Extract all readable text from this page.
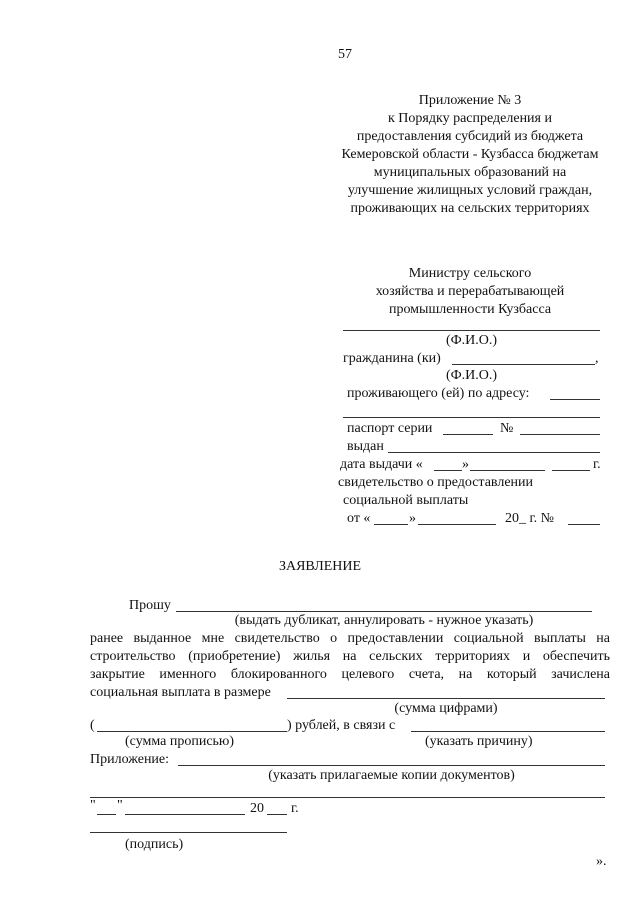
57
Приложение № 3
к Порядку распределения и
предоставления субсидий из бюджета
Кемеровской области - Кузбасса бюджетам
муниципальных образований на
улучшение жилищных условий граждан,
проживающих на сельских территориях
Министру сельского
хозяйства и перерабатывающей
промышленности Кузбасса
(Ф.И.О.)
гражданина (ки)	,
(Ф.И.О.)
проживающего (ей) по адресу:
паспорт серии	№
выдан
дата выдачи «	»	г.
свидетельство о предоставлении
социальной выплаты
от «	»	20_ г. №
ЗАЯВЛЕНИЕ
Прошу
(выдать дубликат, аннулировать - нужное указать)
ранее выданное мне свидетельство о предоставлении социальной выплаты на
строительство (приобретение) жилья на сельских территориях и обеспечить
закрытие именного блокированного целевого счета, на который зачислена
социальная выплата в размере
(сумма цифрами)
(	) рублей, в связи с
(сумма прописью)	(указать причину)
Приложение:
(указать прилагаемые копии документов)
" "	20 г.
(подпись)
».
